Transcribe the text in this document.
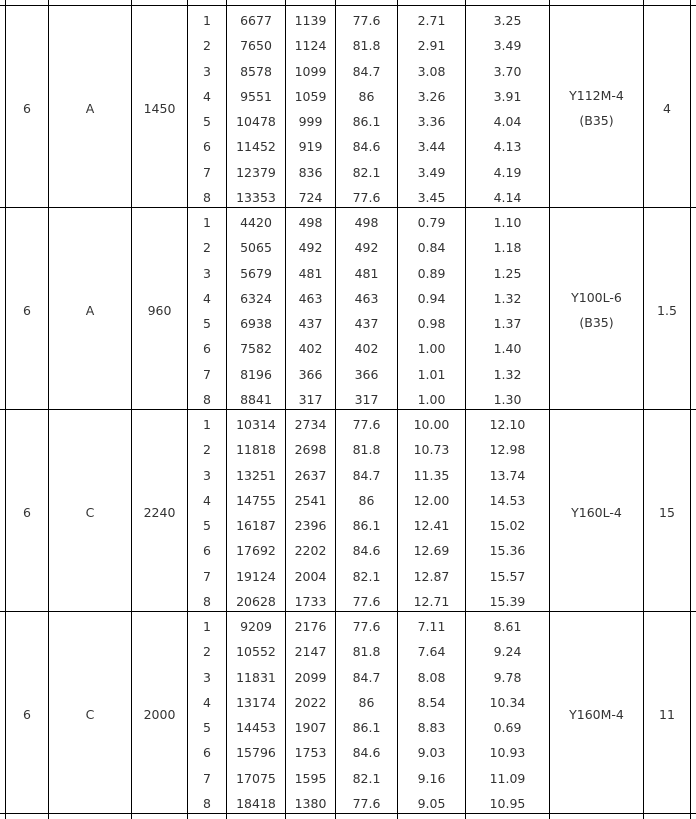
6	A	1450	4
Y112M-4
(B35)
1	6677	1139	77.6	2.71	3.25
2	7650	1124	81.8	2.91	3.49
3	8578	1099	84.7	3.08	3.70
4	9551	1059	86	3.26	3.91
5	10478	999	86.1	3.36	4.04
6	11452	919	84.6	3.44	4.13
7	12379	836	82.1	3.49	4.19
8	13353	724	77.6	3.45	4.14
6	A	960	1.5
Y100L-6
(B35)
1	4420	498	498	0.79	1.10
2	5065	492	492	0.84	1.18
3	5679	481	481	0.89	1.25
4	6324	463	463	0.94	1.32
5	6938	437	437	0.98	1.37
6	7582	402	402	1.00	1.40
7	8196	366	366	1.01	1.32
8	8841	317	317	1.00	1.30
6	C	2240	15
Y160L-4
1	10314	2734	77.6	10.00	12.10
2	11818	2698	81.8	10.73	12.98
3	13251	2637	84.7	11.35	13.74
4	14755	2541	86	12.00	14.53
5	16187	2396	86.1	12.41	15.02
6	17692	2202	84.6	12.69	15.36
7	19124	2004	82.1	12.87	15.57
8	20628	1733	77.6	12.71	15.39
6	C	2000	11
Y160M-4
1	9209	2176	77.6	7.11	8.61
2	10552	2147	81.8	7.64	9.24
3	11831	2099	84.7	8.08	9.78
4	13174	2022	86	8.54	10.34
5	14453	1907	86.1	8.83	0.69
6	15796	1753	84.6	9.03	10.93
7	17075	1595	82.1	9.16	11.09
8	18418	1380	77.6	9.05	10.95
